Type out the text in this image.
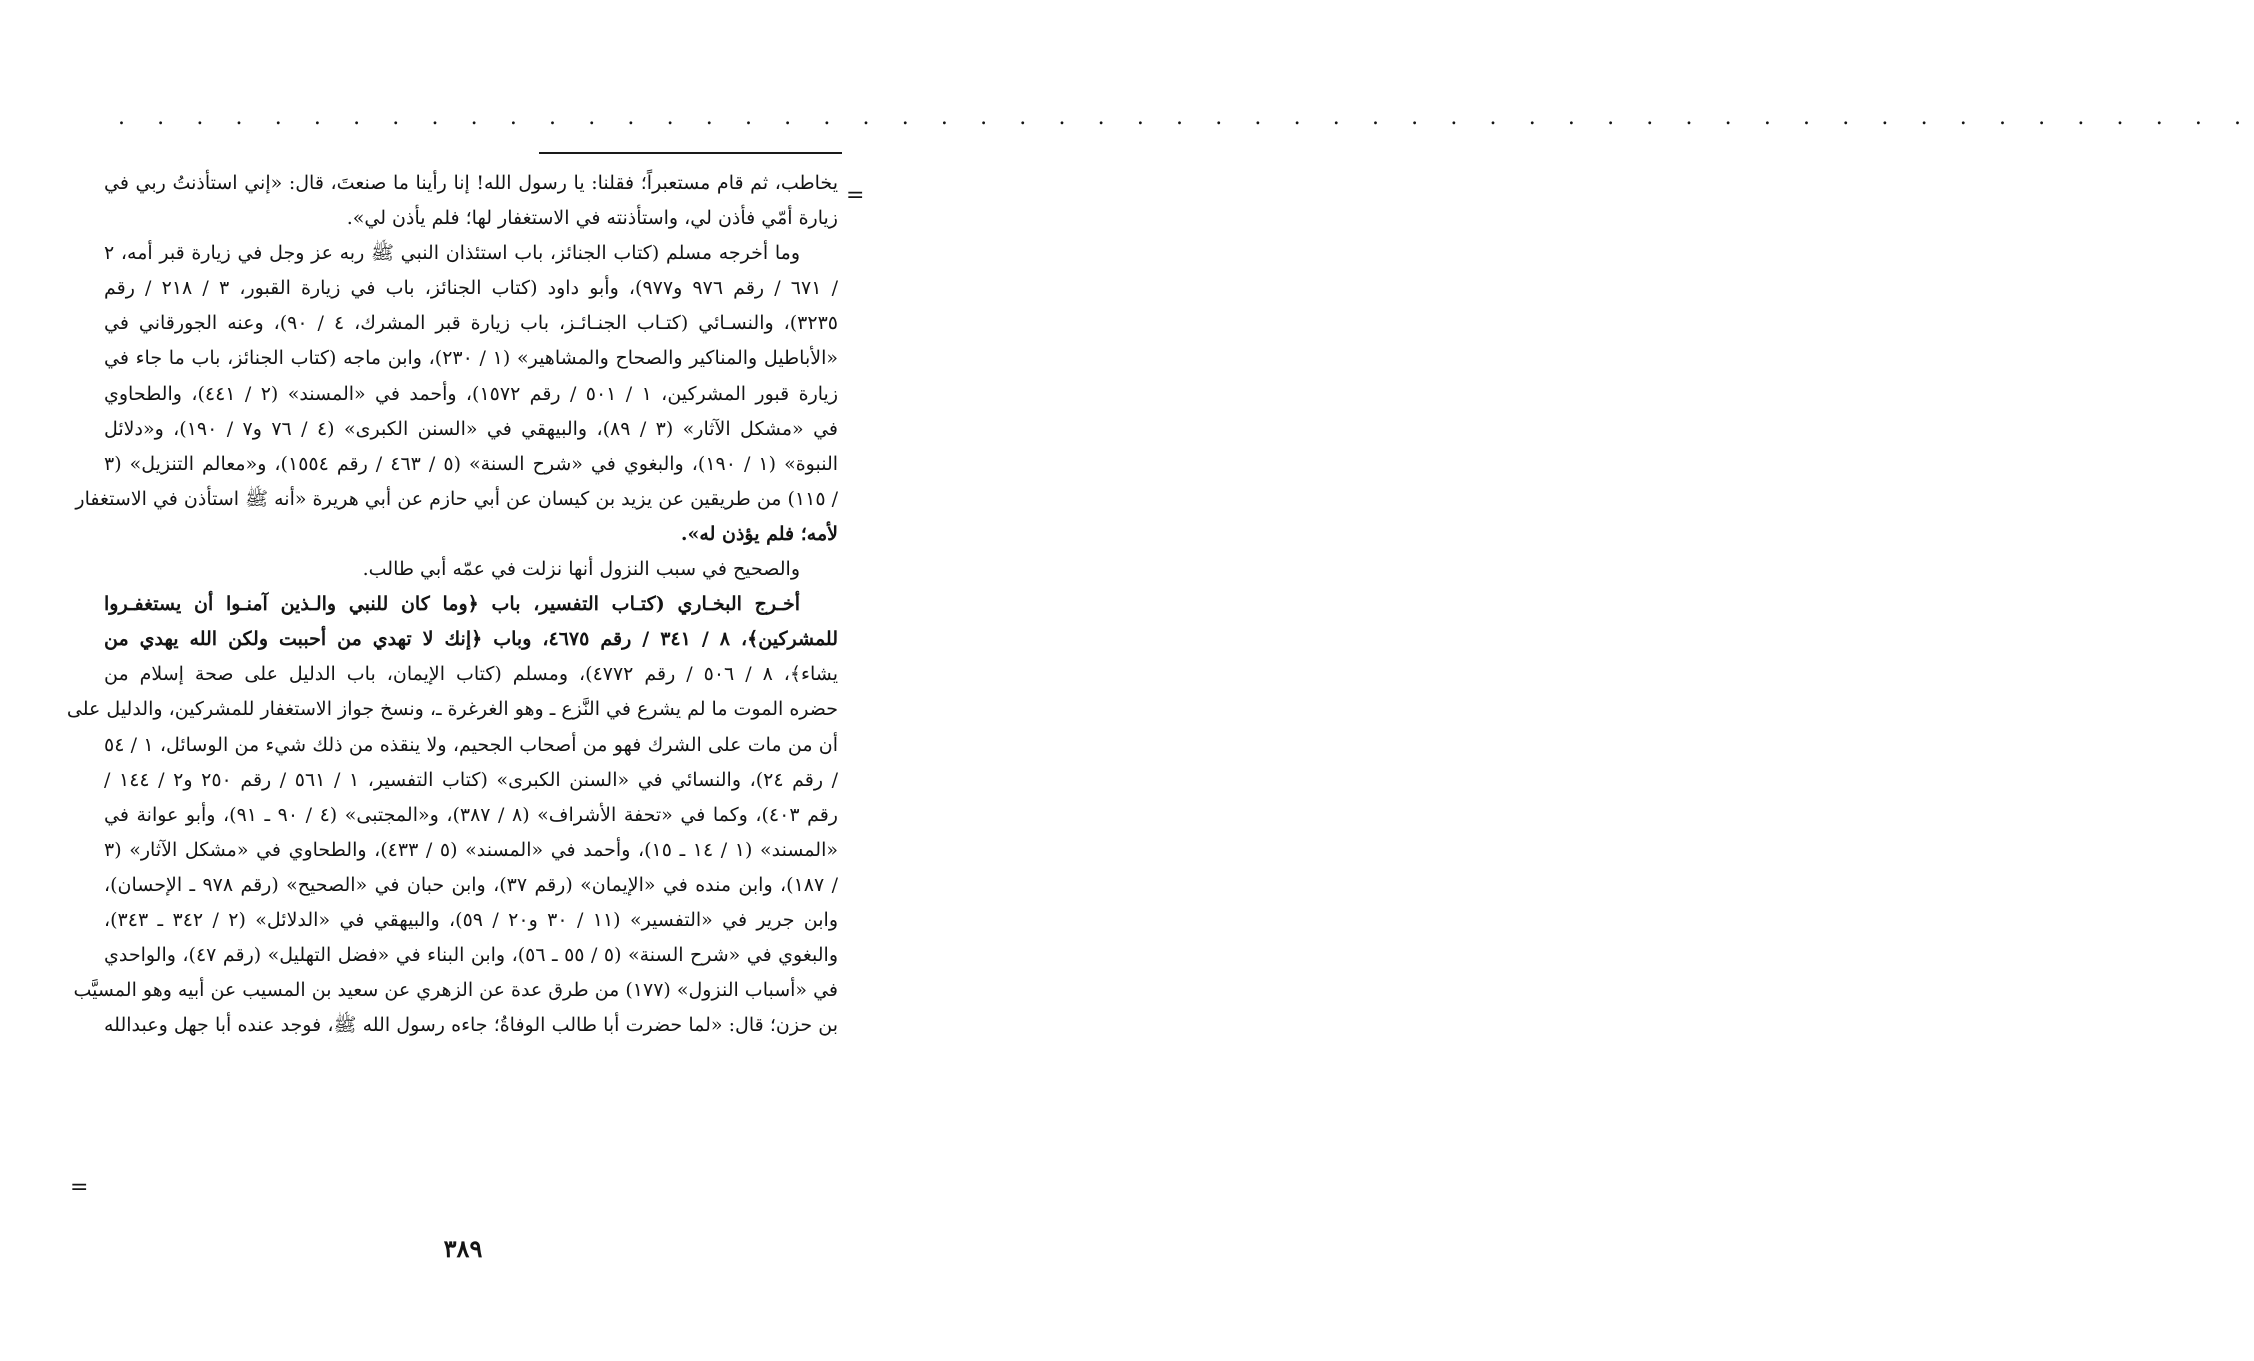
. . . . . . . . . . . . . . . . . . . . . . . . . . . . . . . . . . . . . . . . . . . . . . . . . . . . . . .
=
يخاطب، ثم قام مستعبراً؛ فقلنا: يا رسول الله! إنا رأينا ما صنعتَ، قال: «إني استأذنتُ ربي في
زيارة أمّي فأذن لي، واستأذنته في الاستغفار لها؛ فلم يأذن لي».
وما أخرجه مسلم (كتاب الجنائز، باب استئذان النبي ﷺ ربه عز وجل في زيارة قبر أمه، ٢
/ ٦٧١ / رقم ٩٧٦ و٩٧٧)، وأبو داود (كتاب الجنائز، باب في زيارة القبور، ٣ / ٢١٨ / رقم
٣٢٣٥)، والنسـائي (كتـاب الجنـائـز، باب زيارة قبر المشرك، ٤ / ٩٠)، وعنه الجورقاني في
«الأباطيل والمناكير والصحاح والمشاهير» (١ / ٢٣٠)، وابن ماجه (كتاب الجنائز، باب ما جاء في
زيارة قبور المشركين، ١ / ٥٠١ / رقم ١٥٧٢)، وأحمد في «المسند» (٢ / ٤٤١)، والطحاوي
في «مشكل الآثار» (٣ / ٨٩)، والبيهقي في «السنن الكبرى» (٤ / ٧٦ و٧ / ١٩٠)، و«دلائل
النبوة» (١ / ١٩٠)، والبغوي في «شرح السنة» (٥ / ٤٦٣ / رقم ١٥٥٤)، و«معالم التنزيل» (٣
/ ١١٥) من طريقين عن يزيد بن كيسان عن أبي حازم عن أبي هريرة «أنه ﷺ استأذن في الاستغفار
لأمه؛ فلم يؤذن له».
والصحيح في سبب النزول أنها نزلت في عمّه أبي طالب.
أخـرج البخـاري (كتـاب التفسير، باب ﴿وما كان للنبي والـذين آمنـوا أن يستغفـروا
للمشركين﴾، ٨ / ٣٤١ / رقم ٤٦٧٥، وباب ﴿إنك لا تهدي من أحببت ولكن الله يهدي من
يشاء﴾، ٨ / ٥٠٦ / رقم ٤٧٧٢)، ومسلم (كتاب الإيمان، باب الدليل على صحة إسلام من
حضره الموت ما لم يشرع في النَّزع ـ وهو الغرغرة ـ، ونسخ جواز الاستغفار للمشركين، والدليل على
أن من مات على الشرك فهو من أصحاب الجحيم، ولا ينقذه من ذلك شيء من الوسائل، ١ / ٥٤
/ رقم ٢٤)، والنسائي في «السنن الكبرى» (كتاب التفسير، ١ / ٥٦١ / رقم ٢٥٠ و٢ / ١٤٤ /
رقم ٤٠٣)، وكما في «تحفة الأشراف» (٨ / ٣٨٧)، و«المجتبى» (٤ / ٩٠ ـ ٩١)، وأبو عوانة في
«المسند» (١ / ١٤ ـ ١٥)، وأحمد في «المسند» (٥ / ٤٣٣)، والطحاوي في «مشكل الآثار» (٣
/ ١٨٧)، وابن منده في «الإيمان» (رقم ٣٧)، وابن حبان في «الصحيح» (رقم ٩٧٨ ـ الإحسان)،
وابن جرير في «التفسير» (١١ / ٣٠ و٢٠ / ٥٩)، والبيهقي في «الدلائل» (٢ / ٣٤٢ ـ ٣٤٣)،
والبغوي في «شرح السنة» (٥ / ٥٥ ـ ٥٦)، وابن البناء في «فضل التهليل» (رقم ٤٧)، والواحدي
في «أسباب النزول» (١٧٧) من طرق عدة عن الزهري عن سعيد بن المسيب عن أبيه وهو المسيَّب
بن حزن؛ قال: «لما حضرت أبا طالب الوفاةُ؛ جاءه رسول الله ﷺ، فوجد عنده أبا جهل وعبدالله
=
٣٨٩
